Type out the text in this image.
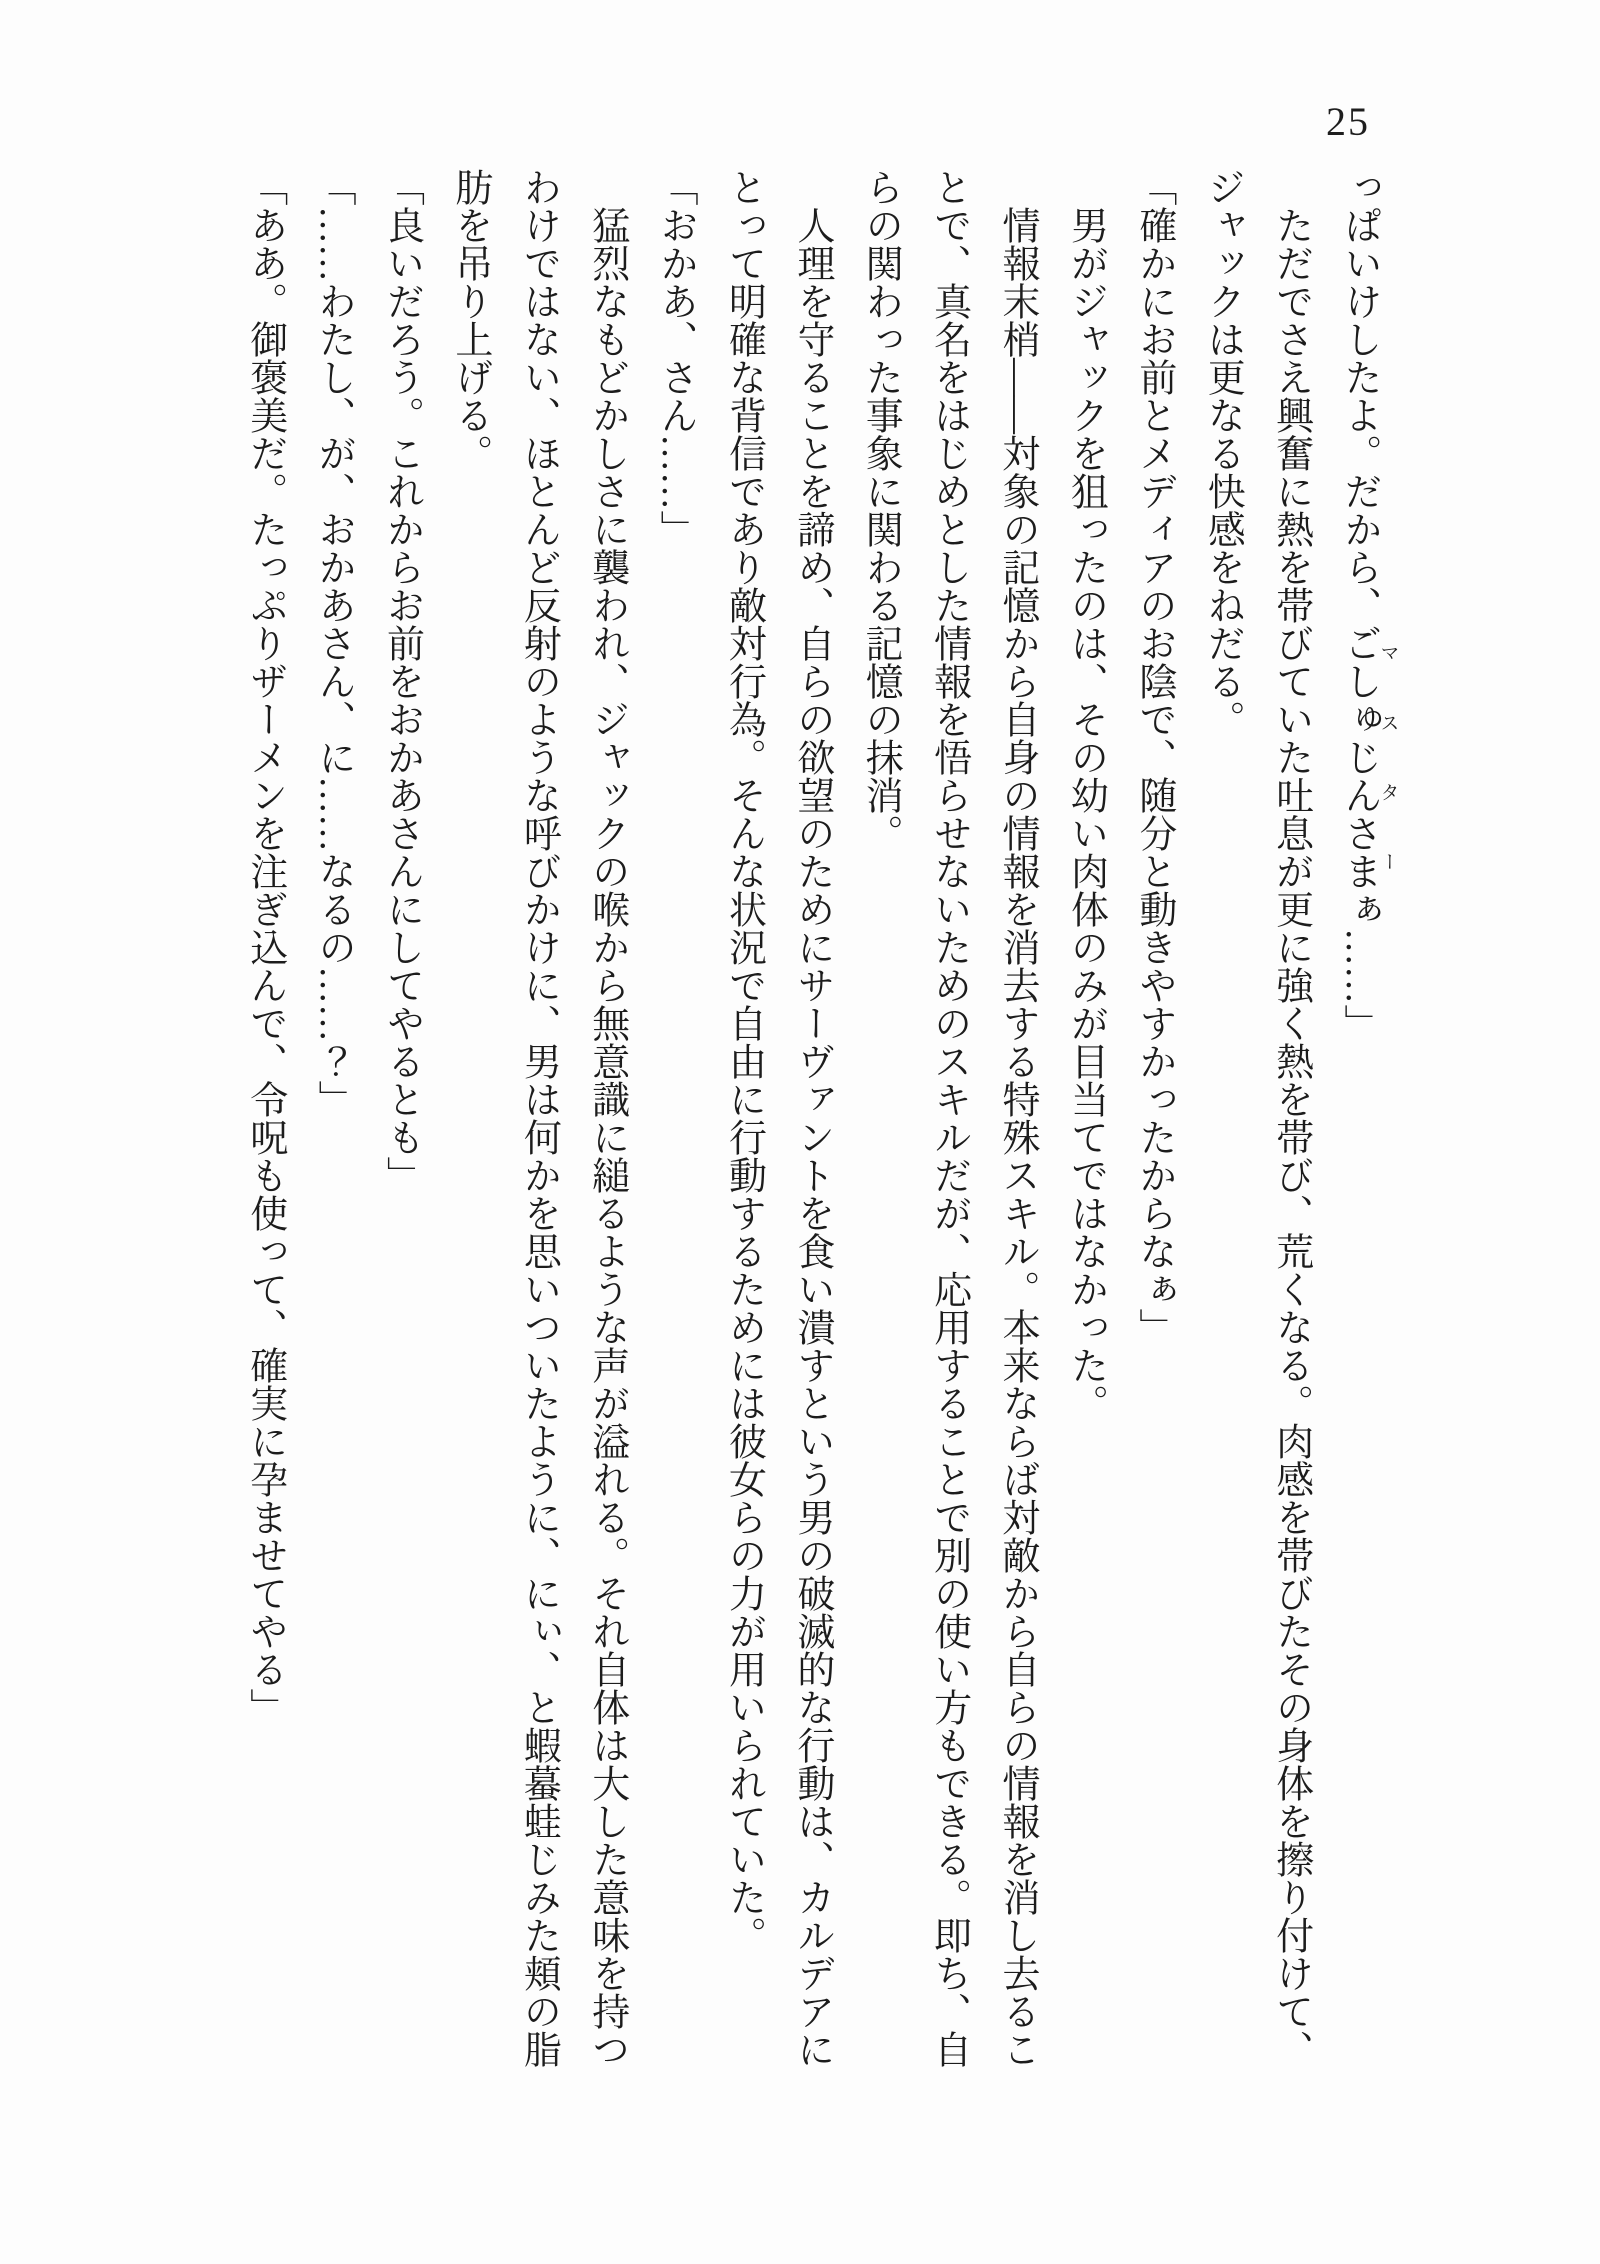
25

っぱいけしたよ。だから、ごしゅじんさまマスターぁ……」

ただでさえ興奮に熱を帯びていた吐息が更に強く熱を帯び、荒くなる。肉感を帯びたその身体を擦り付けて、ジャックは更なる快感をねだる。

「確かにお前とメディアのお陰で、随分と動きやすかったからなぁ」

男がジャックを狙ったのは、その幼い肉体のみが目当てではなかった。

情報末梢――対象の記憶から自身の情報を消去する特殊スキル。本来ならば対敵から自らの情報を消し去ることで、真名をはじめとした情報を悟らせないためのスキルだが、応用することで別の使い方もできる。即ち、自らの関わった事象に関わる記憶の抹消。

人理を守ることを諦め、自らの欲望のためにサーヴァントを食い潰すという男の破滅的な行動は、カルデアにとって明確な背信であり敵対行為。そんな状況で自由に行動するためには彼女らの力が用いられていた。

「おかあ、さん……」

猛烈なもどかしさに襲われ、ジャックの喉から無意識に縋るような声が溢れる。それ自体は大した意味を持つわけではない、ほとんど反射のような呼びかけに、男は何かを思いついたように、にぃ、と蝦蟇蛙じみた頬の脂肪を吊り上げる。

「良いだろう。これからお前をおかあさんにしてやるとも」

「……わたし、が、おかあさん、に……なるの……？」

「ああ。御褒美だ。たっぷりザーメンを注ぎ込んで、令呪も使って、確実に孕ませてやる」
